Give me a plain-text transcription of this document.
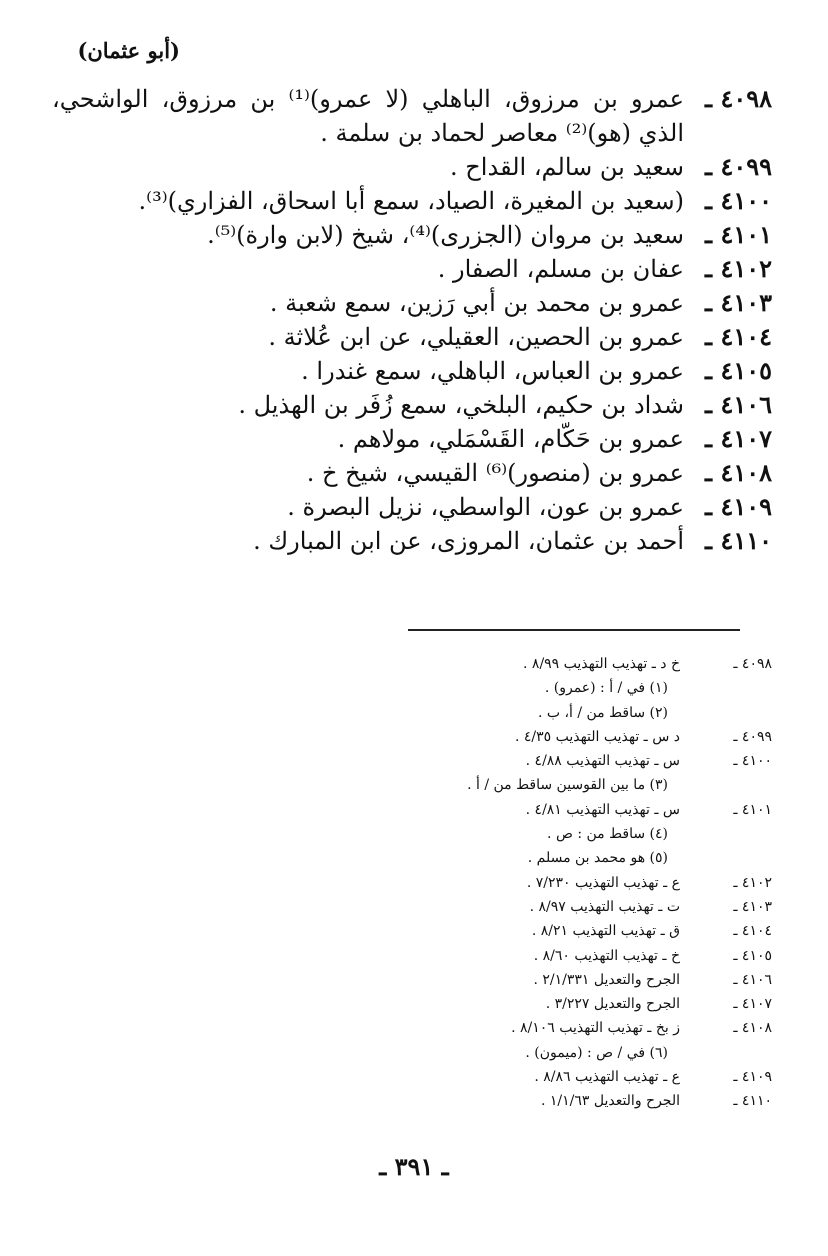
(أبو عثمان)
٤٠٩٨ ـ
عمرو بن مرزوق، الباهلي (لا عمرو)⁽¹⁾ بن مرزوق، الواشحي، الذي (هو)⁽²⁾ معاصر لحماد بن سلمة .
٤٠٩٩ ـ
سعيد بن سالم، القداح .
٤١٠٠ ـ
(سعيد بن المغيرة، الصياد، سمع أبا اسحاق، الفزاري)⁽³⁾.
٤١٠١ ـ
سعيد بن مروان (الجزرى)⁽⁴⁾، شيخ (لابن وارة)⁽⁵⁾.
٤١٠٢ ـ
عفان بن مسلم، الصفار .
٤١٠٣ ـ
عمرو بن محمد بن أبي رَزين، سمع شعبة .
٤١٠٤ ـ
عمرو بن الحصين، العقيلي، عن ابن عُلاثة .
٤١٠٥ ـ
عمرو بن العباس، الباهلي، سمع غندرا .
٤١٠٦ ـ
شداد بن حكيم، البلخي، سمع زُفَر بن الهذيل .
٤١٠٧ ـ
عمرو بن حَكّام، القَسْمَلي، مولاهم .
٤١٠٨ ـ
عمرو بن (منصور)⁽⁶⁾ القيسي، شيخ خ .
٤١٠٩ ـ
عمرو بن عون، الواسطي، نزيل البصرة .
٤١١٠ ـ
أحمد بن عثمان، المروزى، عن ابن المبارك .
٤٠٩٨ ـ
خ د ـ تهذيب التهذيب ٨/٩٩ .
(١) في / أ : (عمرو) .
(٢) ساقط من / أ، ب .
٤٠٩٩ ـ
د س ـ تهذيب التهذيب ٤/٣٥ .
٤١٠٠ ـ
س ـ تهذيب التهذيب ٤/٨٨ .
(٣) ما بين القوسين ساقط من / أ .
٤١٠١ ـ
س ـ تهذيب التهذيب ٤/٨١ .
(٤) ساقط من : ص .
(٥) هو محمد بن مسلم .
٤١٠٢ ـ
ع ـ تهذيب التهذيب ٧/٢٣٠ .
٤١٠٣ ـ
ت ـ تهذيب التهذيب ٨/٩٧ .
٤١٠٤ ـ
ق ـ تهذيب التهذيب ٨/٢١ .
٤١٠٥ ـ
خ ـ تهذيب التهذيب ٨/٦٠ .
٤١٠٦ ـ
الجرح والتعديل ٢/١/٣٣١ .
٤١٠٧ ـ
الجرح والتعديل ٣/٢٢٧ .
٤١٠٨ ـ
ز بخ ـ تهذيب التهذيب ٨/١٠٦ .
(٦) في / ص : (ميمون) .
٤١٠٩ ـ
ع ـ تهذيب التهذيب ٨/٨٦ .
٤١١٠ ـ
الجرح والتعديل ١/١/٦٣ .
ـ ٣٩١ ـ
